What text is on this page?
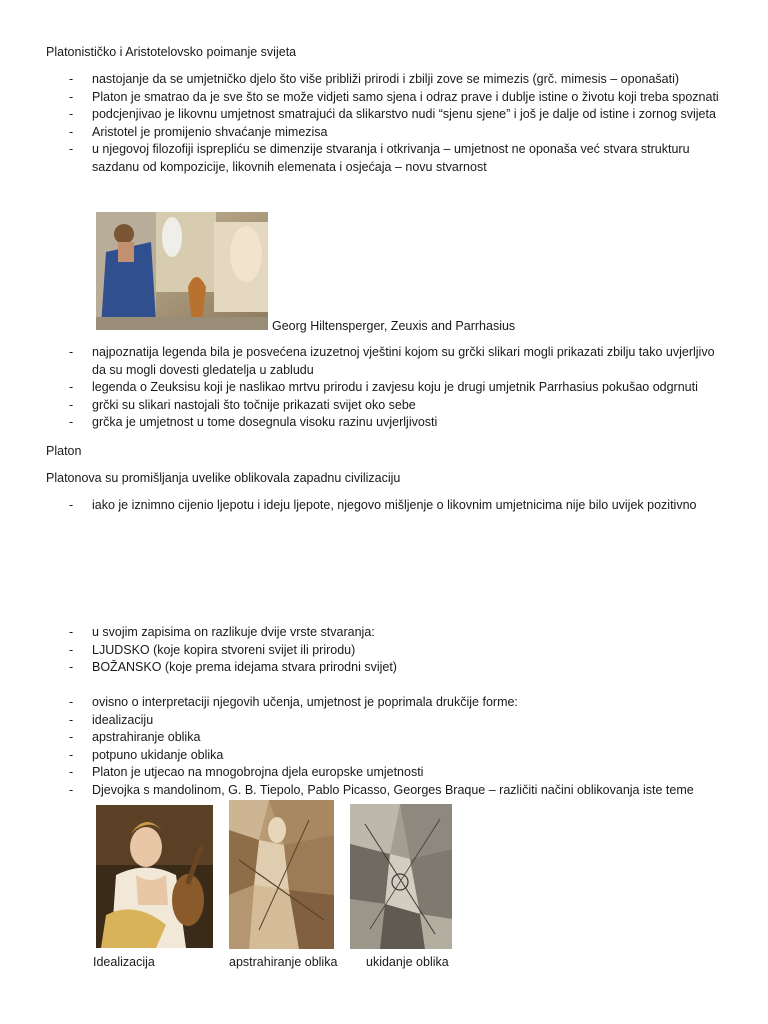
Platonističko i Aristotelovsko poimanje svijeta
- nastojanje da se umjetničko djelo što više približi prirodi i zbilji zove se mimezis (grč. mimesis – oponašati)
- Platon je smatrao da je sve što se može vidjeti samo sjena i odraz prave i dublje istine o životu koji treba spoznati
- podcjenjivao je likovnu umjetnost smatrajući da slikarstvo nudi “sjenu sjene” i još je dalje od istine i zornog svijeta
- Aristotel je promijenio shvaćanje mimezisa
- u njegovoj filozofiji isprepliću se dimenzije stvaranja i otkrivanja – umjetnost ne oponaša već stvara strukturu sazdanu od kompozicije, likovnih elemenata i osjećaja – novu stvarnost
Georg Hiltensperger, Zeuxis and Parrhasius
- najpoznatija legenda bila je posvećena izuzetnoj vještini kojom su grčki slikari mogli prikazati zbilju tako uvjerljivo da su mogli dovesti gledatelja u zabludu
- legenda o Zeuksisu koji je naslikao mrtvu prirodu i zavjesu koju je drugi umjetnik Parrhasius pokušao odgrnuti
- grčki su slikari nastojali što točnije prikazati svijet oko sebe
- grčka je umjetnost u tome dosegnula visoku razinu uvjerljivosti
Platon
Platonova su promišljanja uvelike oblikovala zapadnu civilizaciju
- iako je iznimno cijenio ljepotu i ideju ljepote, njegovo mišljenje o likovnim umjetnicima nije bilo uvijek pozitivno
- u svojim zapisima on razlikuje dvije vrste stvaranja:
- LJUDSKO (koje kopira stvoreni svijet ili prirodu)
- BOŽANSKO (koje prema idejama stvara prirodni svijet)
- ovisno o interpretaciji njegovih učenja, umjetnost je poprimala drukčije forme:
- idealizaciju
- apstrahiranje oblika
- potpuno ukidanje oblika
- Platon je utjecao na mnogobrojna djela europske umjetnosti
- Djevojka s mandolinom, G. B. Tiepolo, Pablo Picasso, Georges Braque – različiti načini oblikovanja iste teme
Idealizacija	apstrahiranje oblika ukidanje oblika
